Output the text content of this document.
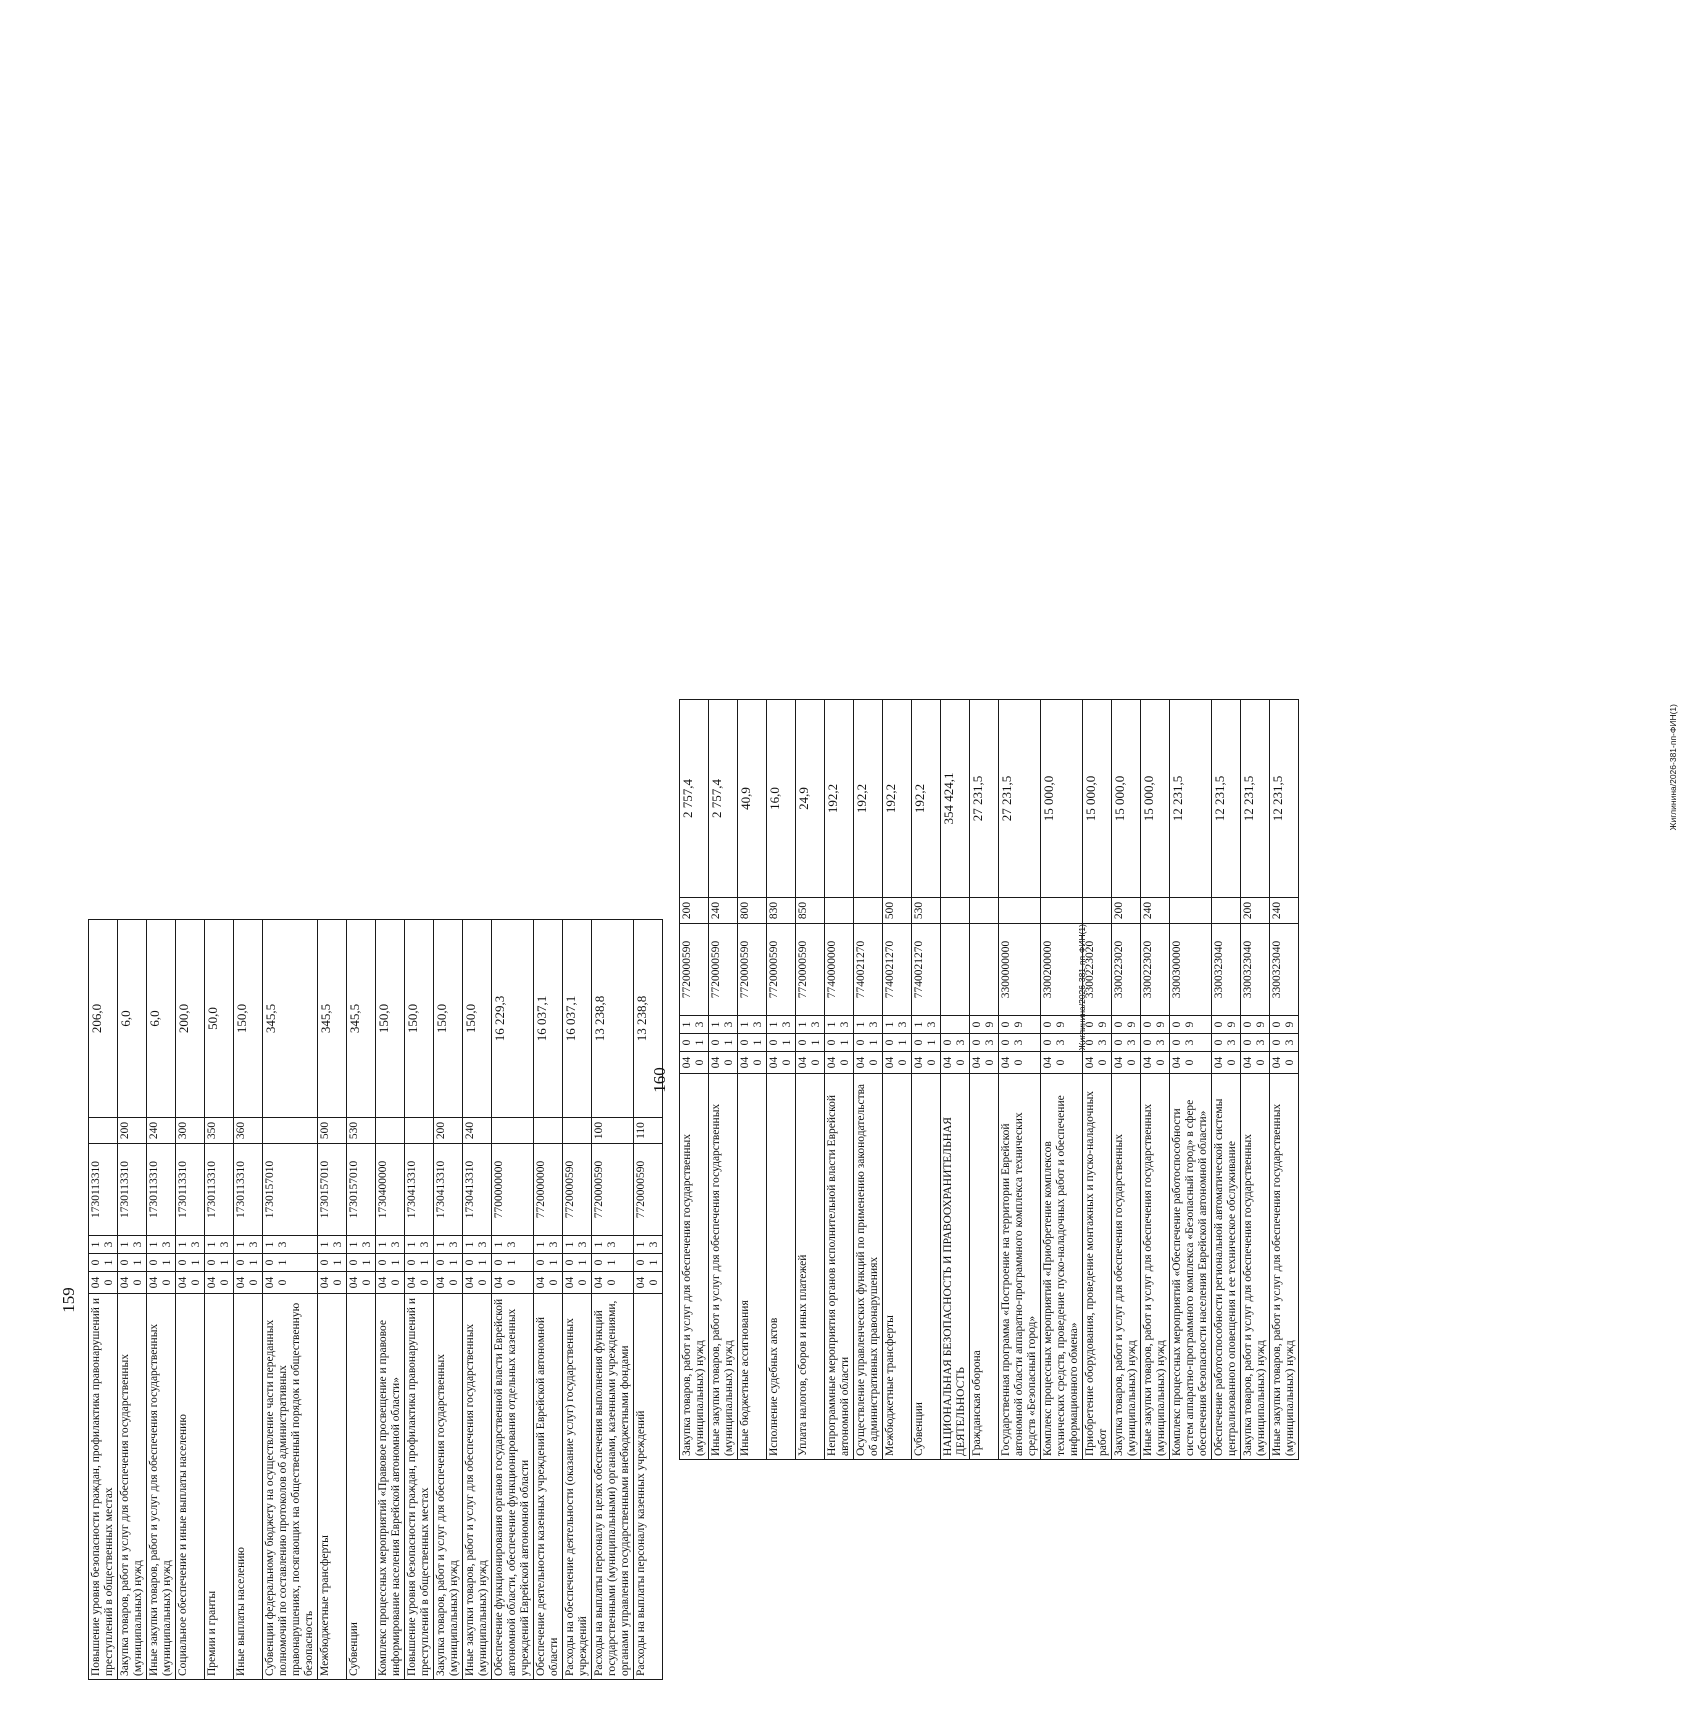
159	Повышение уровня безопасности граждан, профилактика правонарушений и преступлений в общественных местах	040	01	13	1730113310		206,0
Закупка товаров, работ и услуг для обеспечения государственных (муниципальных) нужд	040	01	13	1730113310	200	6,0
Иные закупки товаров, работ и услуг для обеспечения государственных (муниципальных) нужд	040	01	13	1730113310	240	6,0
Социальное обеспечение и иные выплаты населению	040	01	13	1730113310	300	200,0
Премии и гранты	040	01	13	1730113310	350	50,0
Иные выплаты населению	040	01	13	1730113310	360	150,0
Субвенции федеральному бюджету на осуществление части переданных полномочий по составлению протоколов об административных правонарушениях, посягающих на общественный порядок и общественную безопасность	040	01	13	1730157010		345,5
Межбюджетные трансферты	040	01	13	1730157010	500	345,5
Субвенции	040	01	13	1730157010	530	345,5
Комплекс процессных мероприятий «Правовое просвещение и правовое информирование населения Еврейской автономной области»	040	01	13	1730400000		150,0
Повышение уровня безопасности граждан, профилактика правонарушений и преступлений в общественных местах	040	01	13	1730413310		150,0
Закупка товаров, работ и услуг для обеспечения государственных (муниципальных) нужд	040	01	13	1730413310	200	150,0
Иные закупки товаров, работ и услуг для обеспечения государственных (муниципальных) нужд	040	01	13	1730413310	240	150,0
Обеспечение функционирования органов государственной власти Еврейской автономной области, обеспечение функционирования отдельных казенных учреждений Еврейской автономной области	040	01	13	7700000000		16 229,3
Обеспечение деятельности казенных учреждений Еврейской автономной области	040	01	13	7720000000		16 037,1
Расходы на обеспечение деятельности (оказание услуг) государственных учреждений	040	01	13	7720000590		16 037,1
Расходы на выплаты персоналу в целях обеспечения выполнения функций государственными (муниципальными) органами, казенными учреждениями, органами управления государственными внебюджетными фондами	040	01	13	7720000590	100	13 238,8
Расходы на выплаты персоналу казенных учреждений	040	01	13	7720000590	110	13 238,8	Жиглинина/2026-381-пп-ФИН(1)
160
Закупка товаров, работ и услуг для обеспечения государственных (муниципальных) нужд	040	01	13	7720000590	200	2 757,4
Иные закупки товаров, работ и услуг для обеспечения государственных (муниципальных) нужд	040	01	13	7720000590	240	2 757,4
Иные бюджетные ассигнования	040	01	13	7720000590	800	40,9
Исполнение судебных актов	040	01	13	7720000590	830	16,0
Уплата налогов, сборов и иных платежей	040	01	13	7720000590	850	24,9
Непрограммные мероприятия органов исполнительной власти Еврейской автономной области	040	01	13	7740000000		192,2
Осуществление управленческих функций по применению законодательства об административных правонарушениях	040	01	13	7740021270		192,2
Межбюджетные трансферты	040	01	13	7740021270	500	192,2
Субвенции	040	01	13	7740021270	530	192,2
НАЦИОНАЛЬНАЯ БЕЗОПАСНОСТЬ И ПРАВООХРАНИТЕЛЬНАЯ ДЕЯТЕЛЬНОСТЬ	040	03				354 424,1
Гражданская оборона	040	03	09			27 231,5
Государственная программа «Построение на территории Еврейской автономной области аппаратно-программного комплекса технических средств «Безопасный город»	040	03	09	3300000000		27 231,5
Комплекс процессных мероприятий «Приобретение комплексов технических средств, проведение пуско-наладочных работ и обеспечение информационного обмена»	040	03	09	3300200000		15 000,0
Приобретение оборудования, проведение монтажных и пуско-наладочных работ	040	03	09	3300223020		15 000,0
Закупка товаров, работ и услуг для обеспечения государственных (муниципальных) нужд	040	03	09	3300223020	200	15 000,0
Иные закупки товаров, работ и услуг для обеспечения государственных (муниципальных) нужд	040	03	09	3300223020	240	15 000,0
Комплекс процессных мероприятий «Обеспечение работоспособности систем аппаратно-программного комплекса «Безопасный город» в сфере обеспечения безопасности населения Еврейской автономной области»	040	03	09	3300300000		12 231,5
Обеспечение работоспособности региональной автоматической системы централизованного оповещения и ее техническое обслуживание	040	03	09	3300323040		12 231,5
Закупка товаров, работ и услуг для обеспечения государственных (муниципальных) нужд	040	03	09	3300323040	200	12 231,5
Иные закупки товаров, работ и услуг для обеспечения государственных (муниципальных) нужд	040	03	09	3300323040	240	12 231,5	Жиглинина/2026-381-пп-ФИН(1)
